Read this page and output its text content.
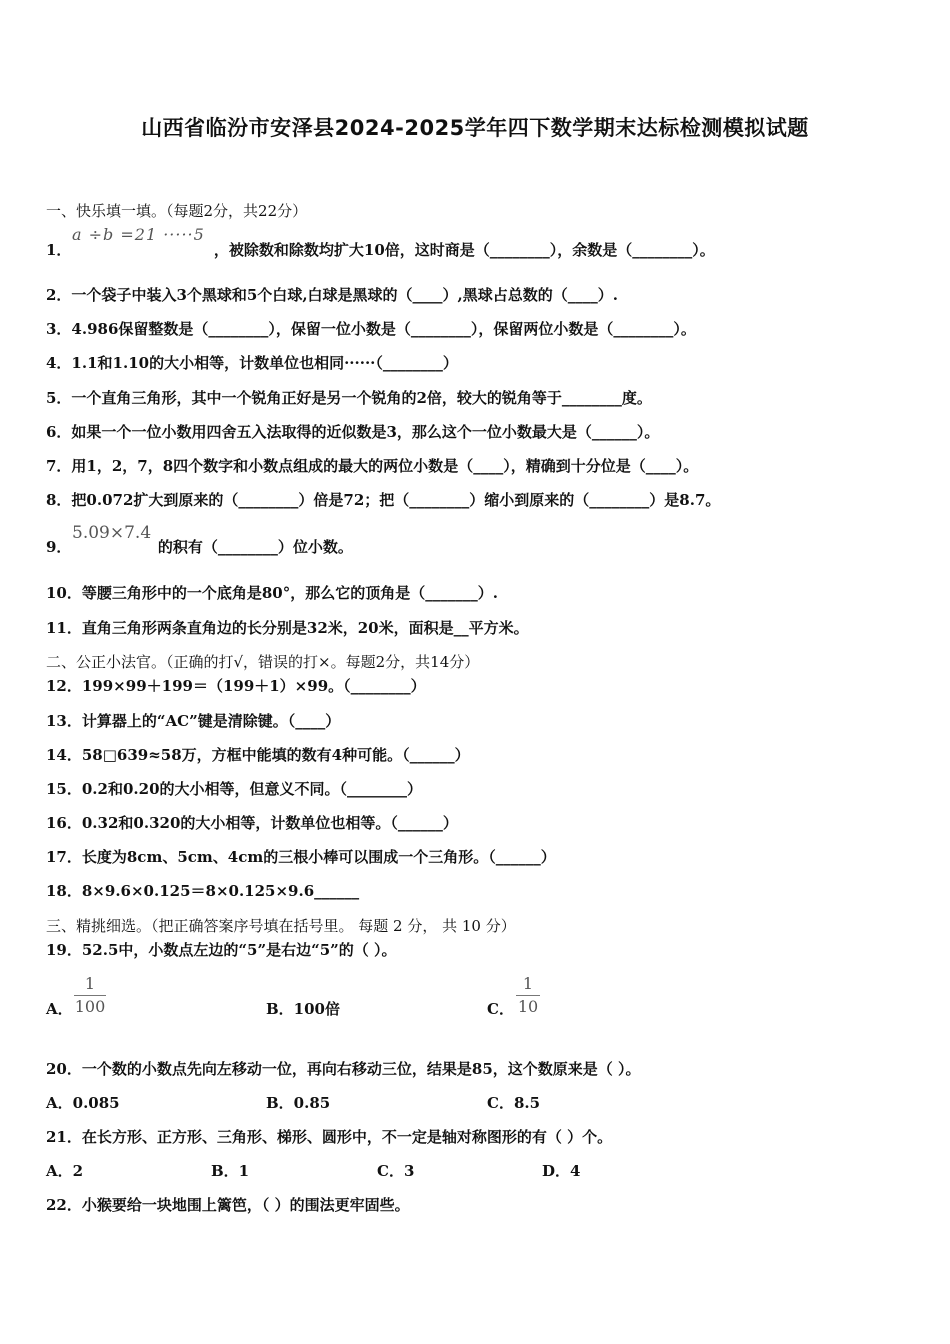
山西省临汾市安泽县2024-2025学年四下数学期末达标检测模拟试题
一、快乐填一填。（每题2分，共22分）
1．
a ÷b =21 ·····5
，被除数和除数均扩大10倍，这时商是（________），余数是（________）。
2．一个袋子中装入3个黑球和5个白球,白球是黑球的（____）,黑球占总数的（____）.
3．4.986保留整数是（________），保留一位小数是（________），保留两位小数是（________）。
4．1.1和1.10的大小相等，计数单位也相同······（________）
5．一个直角三角形，其中一个锐角正好是另一个锐角的2倍，较大的锐角等于________度。
6．如果一个一位小数用四舍五入法取得的近似数是3，那么这个一位小数最大是（______）。
7．用1，2，7，8四个数字和小数点组成的最大的两位小数是（____），精确到十分位是（____）。
8．把0.072扩大到原来的（________）倍是72；把（________）缩小到原来的（________）是8.7。
9．
5.09×7.4
的积有（________）位小数。
10．等腰三角形中的一个底角是80°，那么它的顶角是（_______）.
11．直角三角形两条直角边的长分别是32米，20米，面积是__平方米。
二、公正小法官。（正确的打√，错误的打×。每题2分，共14分）
12．199×99＋199＝（199＋1）×99。（________）
13．计算器上的“AC”键是清除键。（____）
14．58□639≈58万，方框中能填的数有4种可能。（______）
15．0.2和0.20的大小相等，但意义不同。（________）
16．0.32和0.320的大小相等，计数单位也相等。（______）
17．长度为8cm、5cm、4cm的三根小棒可以围成一个三角形。（______）
18．8×9.6×0.125＝8×0.125×9.6______
三、精挑细选。（把正确答案序号填在括号里。 每题 2 分， 共 10 分）
19．52.5中，小数点左边的“5”是右边“5”的（ ）。
A．
1
100	B．100倍	C．
1
10
20．一个数的小数点先向左移动一位，再向右移动三位，结果是85，这个数原来是（ ）。
A．0.085	B．0.85	C．8.5
21．在长方形、正方形、三角形、梯形、圆形中，不一定是轴对称图形的有（ ）个。
A．2	B．1	C．3	D．4
22．小猴要给一块地围上篱笆，（ ）的围法更牢固些。
